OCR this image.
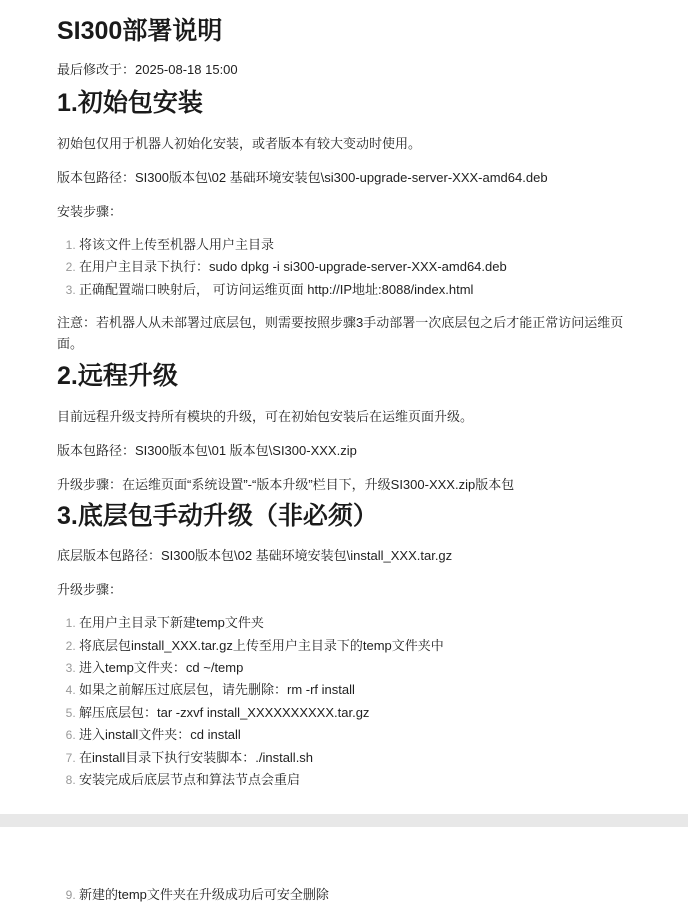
SI300部署说明
最后修改于：2025-08-18 15:00
1.初始包安装

初始包仅用于机器人初始化安装，或者版本有较大变动时使用。

版本包路径：SI300版本包\02 基础环境安装包\si300-upgrade-server-XXX-amd64.deb

安装步骤：

1. 将该文件上传至机器人用户主目录
2. 在用户主目录下执行：sudo dpkg -i si300-upgrade-server-XXX-amd64.deb
3. 正确配置端口映射后， 可访问运维页面 http://IP地址:8088/index.html

注意：若机器人从未部署过底层包，则需要按照步骤3手动部署一次底层包之后才能正常访问运维页面。

2.远程升级

目前远程升级支持所有模块的升级，可在初始包安装后在运维页面升级。

版本包路径：SI300版本包\01 版本包\SI300-XXX.zip

升级步骤：在运维页面“系统设置”-“版本升级”栏目下，升级SI300-XXX.zip版本包

3.底层包手动升级（非必须）

底层版本包路径：SI300版本包\02 基础环境安装包\install_XXX.tar.gz

升级步骤：

1. 在用户主目录下新建temp文件夹
2. 将底层包install_XXX.tar.gz上传至用户主目录下的temp文件夹中
3. 进入temp文件夹：cd ~/temp
4. 如果之前解压过底层包，请先删除：rm -rf install
5. 解压底层包：tar -zxvf install_XXXXXXXXXX.tar.gz
6. 进入install文件夹：cd install
7. 在install目录下执行安装脚本：./install.sh
8. 安装完成后底层节点和算法节点会重启
9. 新建的temp文件夹在升级成功后可安全删除
